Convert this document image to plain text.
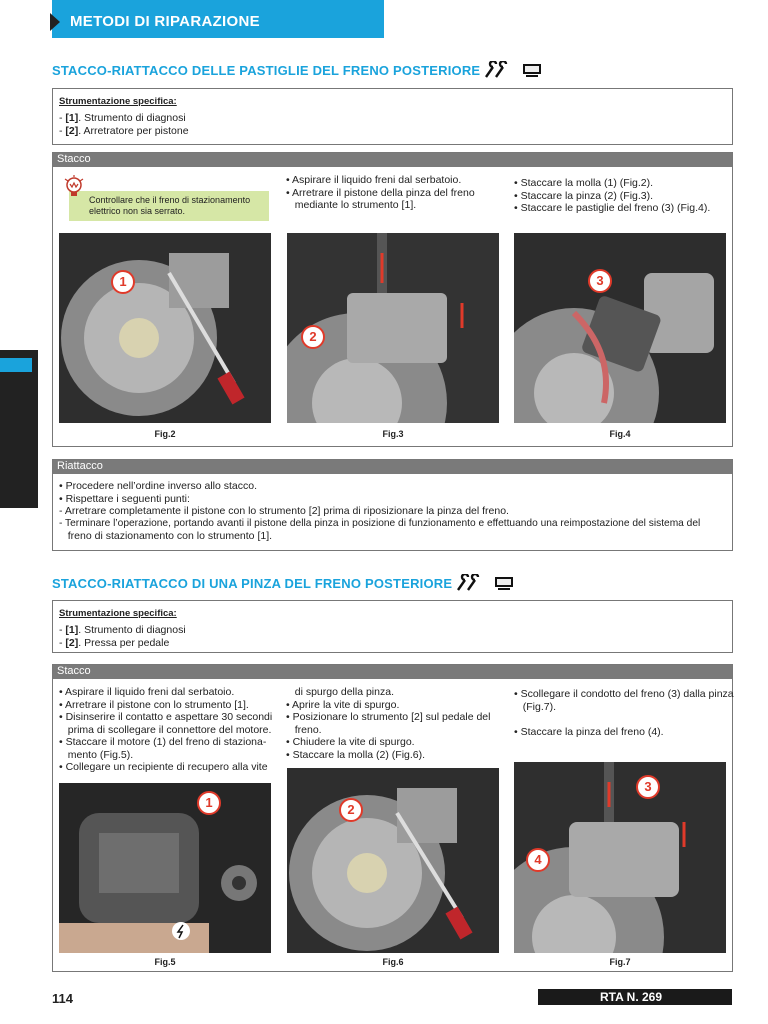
METODI DI RIPARAZIONE
STACCO-RIATTACCO DELLE PASTIGLIE DEL FRENO POSTERIORE
Strumentazione specifica:
- [1]. Strumento di diagnosi
- [2]. Arretratore per pistone
Stacco
Controllare che il freno di stazionamento elettrico non sia serrato.
• Aspirare il liquido freni dal serbatoio.
• Arretrare il pistone della pinza del freno
mediante lo strumento [1].
• Staccare la molla (1) (Fig.2).
• Staccare la pinza (2) (Fig.3).
• Staccare le pastiglie del freno (3) (Fig.4).
1
Fig.2
2
Fig.3
3
Fig.4
Riattacco
• Procedere nell’ordine inverso allo stacco.
• Rispettare i seguenti punti:
- Arretrare completamente il pistone con lo strumento [2] prima di riposizionare la pinza del freno.
- Terminare l’operazione, portando avanti il pistone della pinza in posizione di funzionamento e effettuando una reimpostazione del sistema del
freno di stazionamento con lo strumento [1].
STACCO-RIATTACCO DI UNA PINZA DEL FRENO POSTERIORE
Strumentazione specifica:
- [1]. Strumento di diagnosi
- [2]. Pressa per pedale
Stacco
• Aspirare il liquido freni dal serbatoio.
• Arretrare il pistone con lo strumento [1].
• Disinserire il contatto e aspettare 30 secondi
prima di scollegare il connettore del motore.
• Staccare il motore (1) del freno di staziona-
mento (Fig.5).
• Collegare un recipiente di recupero alla vite
di spurgo della pinza.
• Aprire la vite di spurgo.
• Posizionare lo strumento [2] sul pedale del
freno.
• Chiudere la vite di spurgo.
• Staccare la molla (2) (Fig.6).
• Scollegare il condotto del freno (3) dalla pinza
(Fig.7).
• Staccare la pinza del freno (4).
1
Fig.5
2
Fig.6
3
4
Fig.7
114	RTA N. 269
